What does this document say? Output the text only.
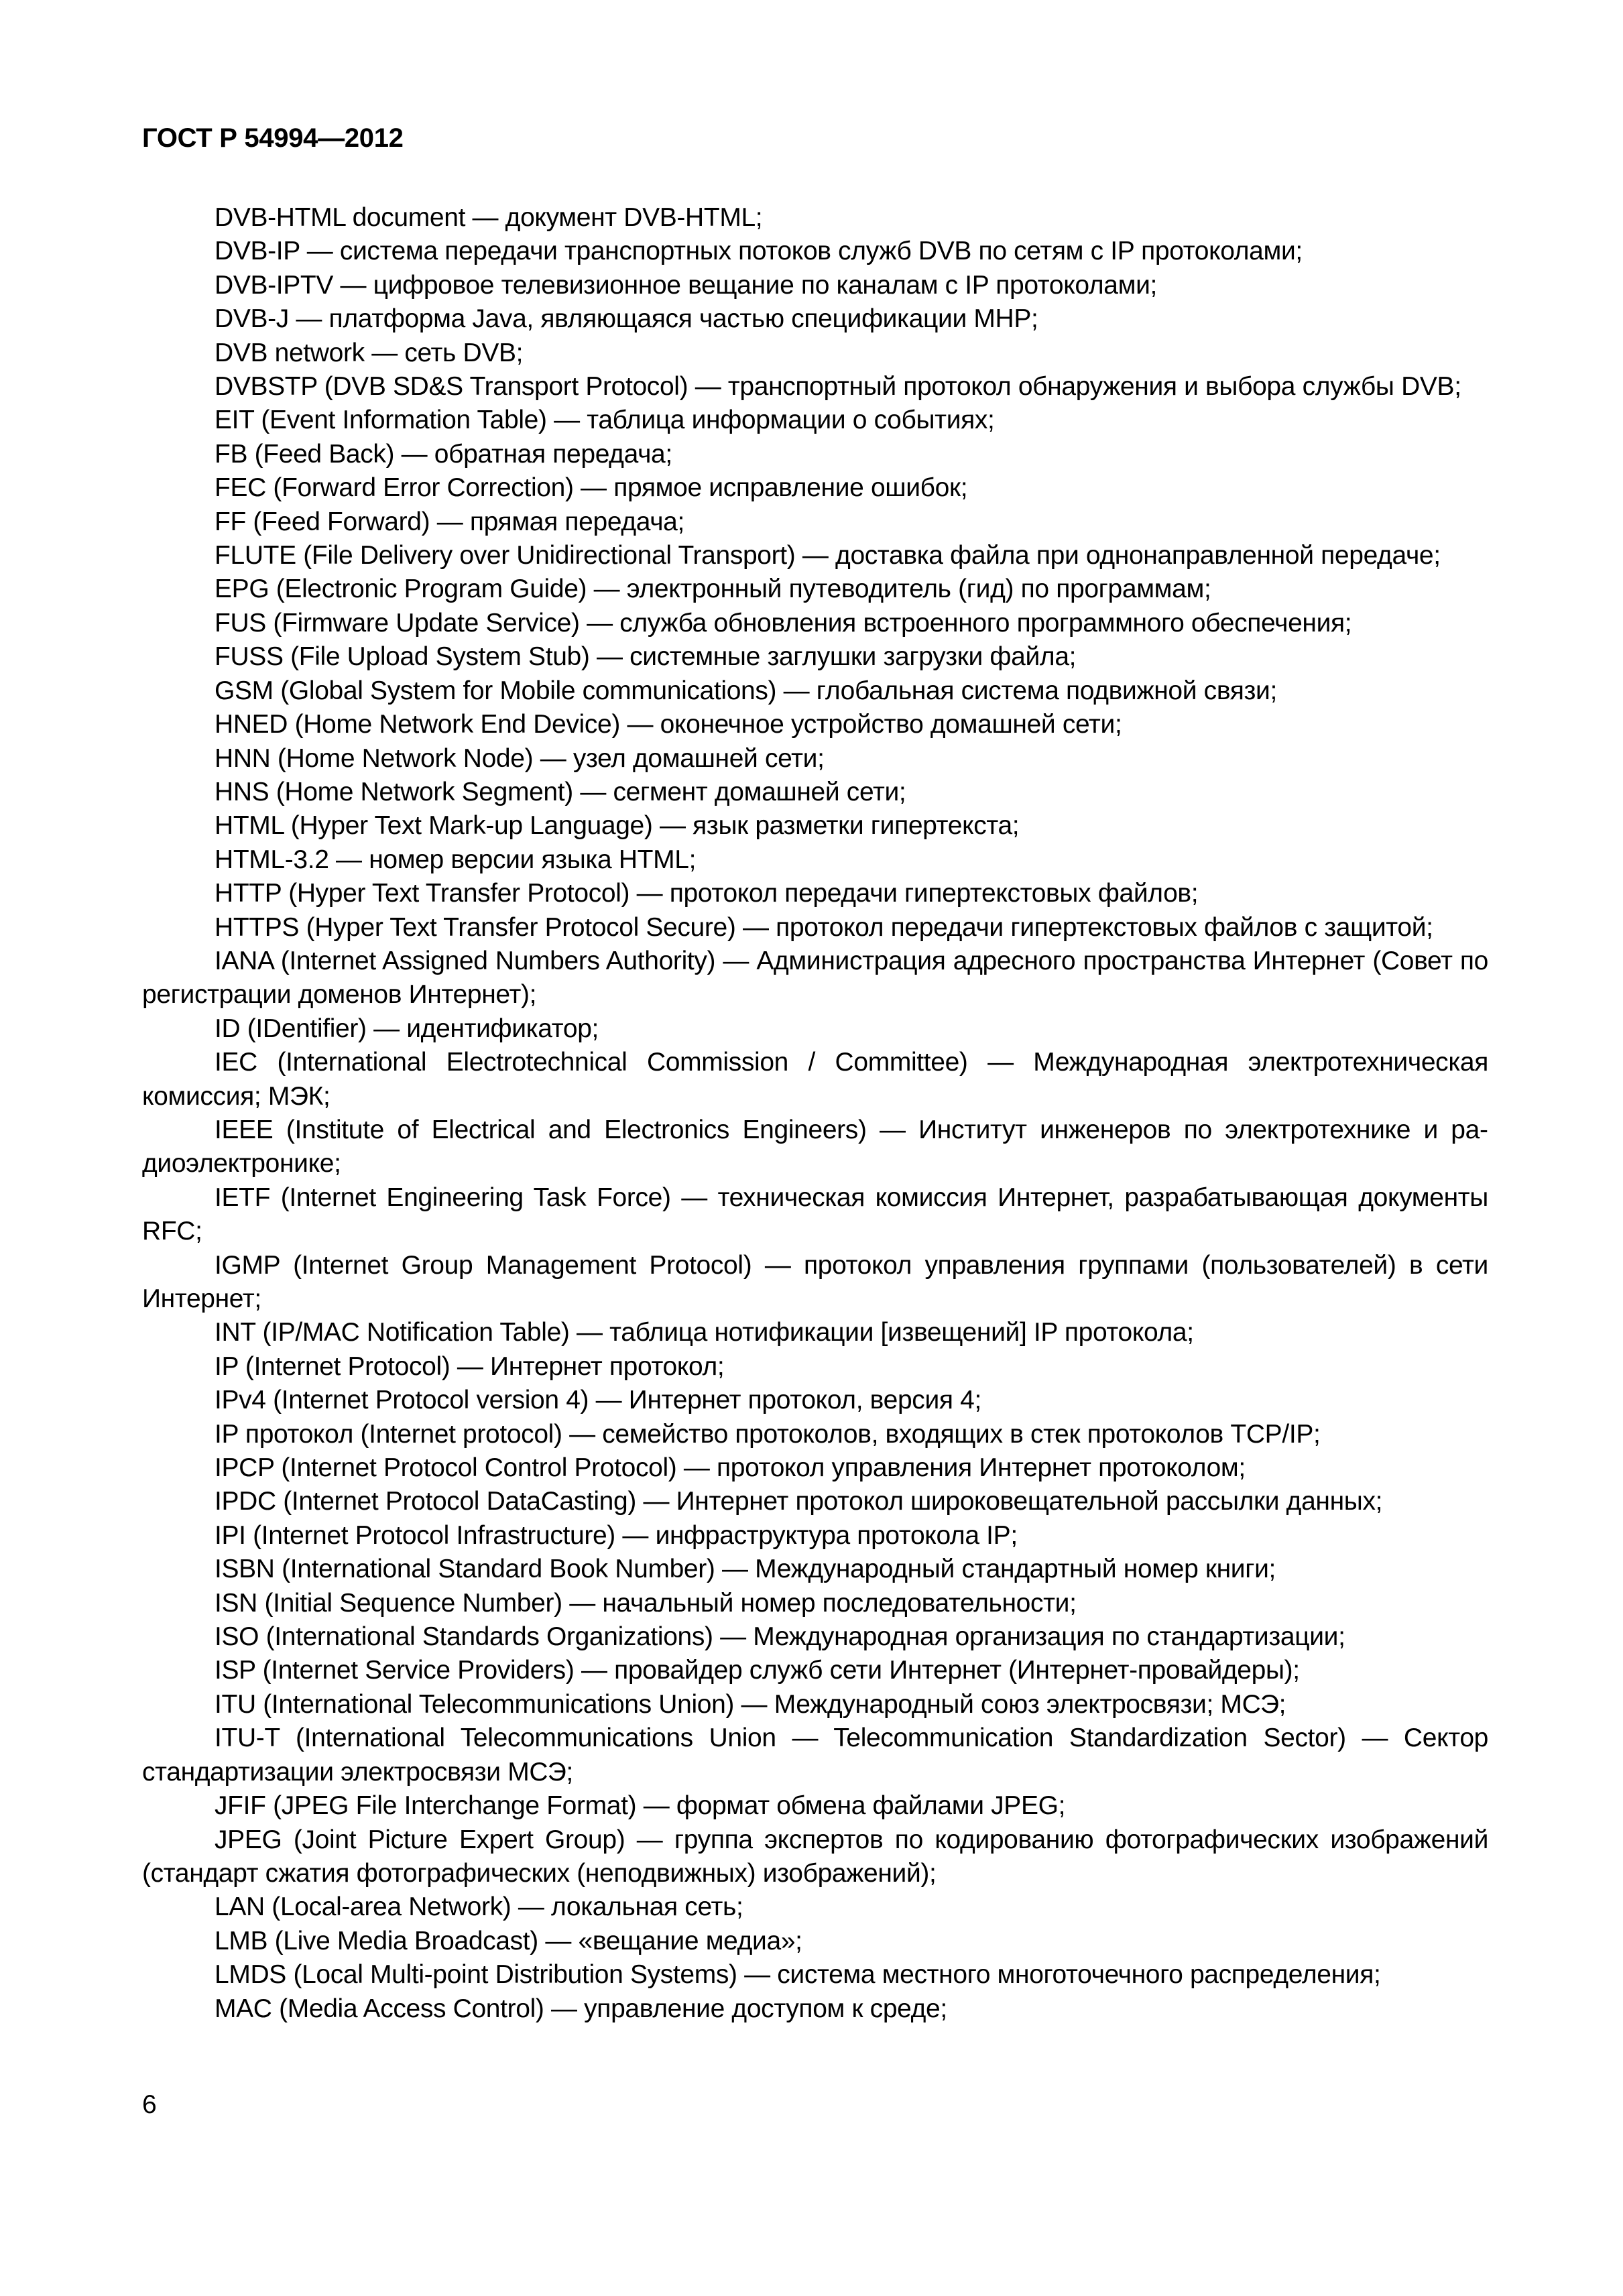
ГОСТ Р 54994—2012
DVB-HTML document — документ DVB-HTML;
DVB-IP — система передачи транспортных потоков служб DVB по сетям с IP протоколами;
DVB-IPTV — цифровое телевизионное вещание по каналам с IP протоколами;
DVB-J — платформа Java, являющаяся частью спецификации MHP;
DVB network — сеть DVB;
DVBSTP (DVB SD&S Transport Protocol) — транспортный протокол обнаружения и выбора службы DVB;
EIT (Event Information Table) — таблица информации о событиях;
FB (Feed Back) — обратная передача;
FEC (Forward Error Correction) — прямое исправление ошибок;
FF (Feed Forward) — прямая передача;
FLUTE (File Delivery over Unidirectional Transport) — доставка файла при однонаправленной передаче;
EPG (Electronic Program Guide) — электронный путеводитель (гид) по программам;
FUS (Firmware Update Service) — служба обновления встроенного программного обеспечения;
FUSS (File Upload System Stub) — системные заглушки загрузки файла;
GSM (Global System for Mobile communications) — глобальная система подвижной связи;
HNED (Home Network End Device) — оконечное устройство домашней сети;
HNN (Home Network Node) — узел домашней сети;
HNS (Home Network Segment) — сегмент домашней сети;
HTML (Hyper Text Mark-up Language) — язык разметки гипертекста;
HTML-3.2 — номер версии языка HTML;
HTTP (Hyper Text Transfer Protocol) — протокол передачи гипертекстовых файлов;
HTTPS (Hyper Text Transfer Protocol Secure) — протокол передачи гипертекстовых файлов с защитой;
IANA (Internet Assigned Numbers Authority) — Администрация адресного пространства Интернет (Совет по регистрации доменов Интернет);
ID (IDentifier) — идентификатор;
IEC (International Electrotechnical Commission / Committee) — Международная электротехническая комиссия; МЭК;
IEEE (Institute of Electrical and Electronics Engineers) — Институт инженеров по электротехнике и радиоэлектронике;
IETF (Internet Engineering Task Force) — техническая комиссия Интернет, разрабатывающая документы RFC;
IGMP (Internet Group Management Protocol) — протокол управления группами (пользователей) в сети Интернет;
INT (IP/MAC Notification Table) — таблица нотификации [извещений] IP протокола;
IP (Internet Protocol) — Интернет протокол;
IPv4 (Internet Protocol version 4) — Интернет протокол, версия 4;
IP протокол (Internet protocol) — семейство протоколов, входящих в стек протоколов TCP/IP;
IPCP (Internet Protocol Control Protocol) — протокол управления Интернет протоколом;
IPDC (Internet Protocol DataCasting) — Интернет протокол широковещательной рассылки данных;
IPI (Internet Protocol Infrastructure) — инфраструктура протокола IP;
ISBN (International Standard Book Number) — Международный стандартный номер книги;
ISN (Initial Sequence Number) — начальный номер последовательности;
ISO (International Standards Organizations) — Международная организация по стандартизации;
ISP (Internet Service Providers) — провайдер служб сети Интернет (Интернет-провайдеры);
ITU (International Telecommunications Union) — Международный союз электросвязи; МСЭ;
ITU-T (International Telecommunications Union — Telecommunication Standardization Sector) — Сектор стандартизации электросвязи МСЭ;
JFIF (JPEG File Interchange Format) — формат обмена файлами JPEG;
JPEG (Joint Picture Expert Group) — группа экспертов по кодированию фотографических изображений (стандарт сжатия фотографических (неподвижных) изображений);
LAN (Local-area Network) — локальная сеть;
LMB (Live Media Broadcast) — «вещание медиа»;
LMDS (Local Multi-point Distribution Systems) — система местного многоточечного распределения;
MAC (Media Access Control) — управление доступом к среде;
6
